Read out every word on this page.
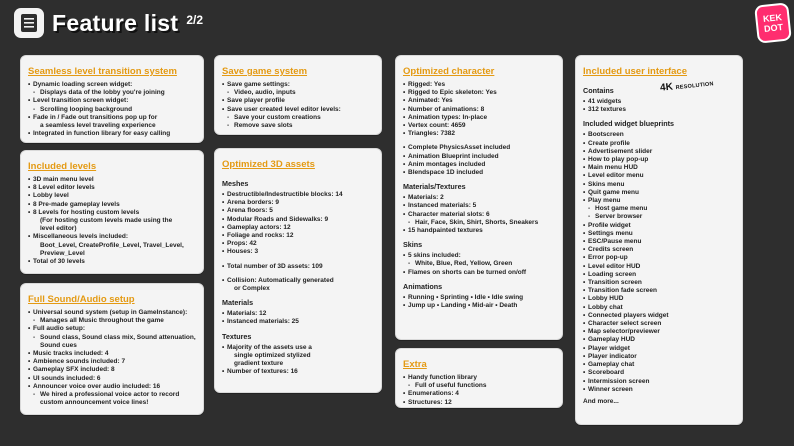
Feature list 2/2	KEK
DOT
Seamless level transition system
• Dynamic loading screen widget:
- Displays data of the lobby you're joining
• Level transition screen widget:
- Scrolling looping background
• Fade in / Fade out transitions pop up for
a seamless level traveling experience
• Integrated in function library for easy calling
Included levels
• 3D main menu level
• 8 Level editor levels
• Lobby level
• 8 Pre-made gameplay levels
• 8 Levels for hosting custom levels
(For hosting custom levels made using the
level editor)
• Miscellaneous levels included:
Boot_Level, CreateProfile_Level, Travel_Level,
Preview_Level
• Total of 30 levels
Full Sound/Audio setup
• Universal sound system (setup in GameInstance):
- Manages all Music throughout the game
• Full audio setup:
- Sound class, Sound class mix, Sound attenuation,
Sound cues
• Music tracks included: 4
• Ambience sounds included: 7
• Gameplay SFX included: 8
• UI sounds included: 6
• Announcer voice over audio included: 16
- We hired a professional voice actor to record
custom announcement voice lines!
Save game system
• Save game settings:
- Video, audio, inputs
• Save player profile
• Save user created level editor levels:
- Save your custom creations
- Remove save slots
Optimized 3D assets
Meshes
• Destructible/Indestructible blocks: 14
• Arena borders: 9
• Arena floors: 5
• Modular Roads and Sidewalks: 9
• Gameplay actors: 12
• Foliage and rocks: 12
• Props: 42
• Houses: 3
• Total number of 3D assets: 109
• Collision: Automatically generated
or Complex
Materials
• Materials: 12
• Instanced materials: 25
Textures
• Majority of the assets use a
single optimized stylized
gradient texture
• Number of textures: 16
Optimized character
• Rigged: Yes
• Rigged to Epic skeleton: Yes
• Animated: Yes
• Number of animations: 8
• Animation types: In-place
• Vertex count: 4659
• Triangles: 7382
• Complete PhysicsAsset included
• Animation Blueprint included
• Anim montages included
• Blendspace 1D included
Materials/Textures
• Materials: 2
• Instanced materials: 5
• Character material slots: 6
- Hair, Face, Skin, Shirt, Shorts, Sneakers
• 15 handpainted textures
Skins
• 5 skins included:
- White, Blue, Red, Yellow, Green
• Flames on shorts can be turned on/off
Animations
• Running • Sprinting • Idle • Idle swing
• Jump up • Landing • Mid-air • Death
Extra
• Handy function library
- Full of useful functions
• Enumerations: 4
• Structures: 12
Included user interface
4K RESOLUTION
Contains
• 41 widgets
• 312 textures
Included widget blueprints
• Bootscreen
• Create profile
• Advertisement slider
• How to play pop-up
• Main menu HUD
• Level editor menu
• Skins menu
• Quit game menu
• Play menu
- Host game menu
- Server browser
• Profile widget
• Settings menu
• ESC/Pause menu
• Credits screen
• Error pop-up
• Level editor HUD
• Loading screen
• Transition screen
• Transition fade screen
• Lobby HUD
• Lobby chat
• Connected players widget
• Character select screen
• Map selector/previewer
• Gameplay HUD
• Player widget
• Player indicator
• Gameplay chat
• Scoreboard
• Intermission screen
• Winner screen
And more...
